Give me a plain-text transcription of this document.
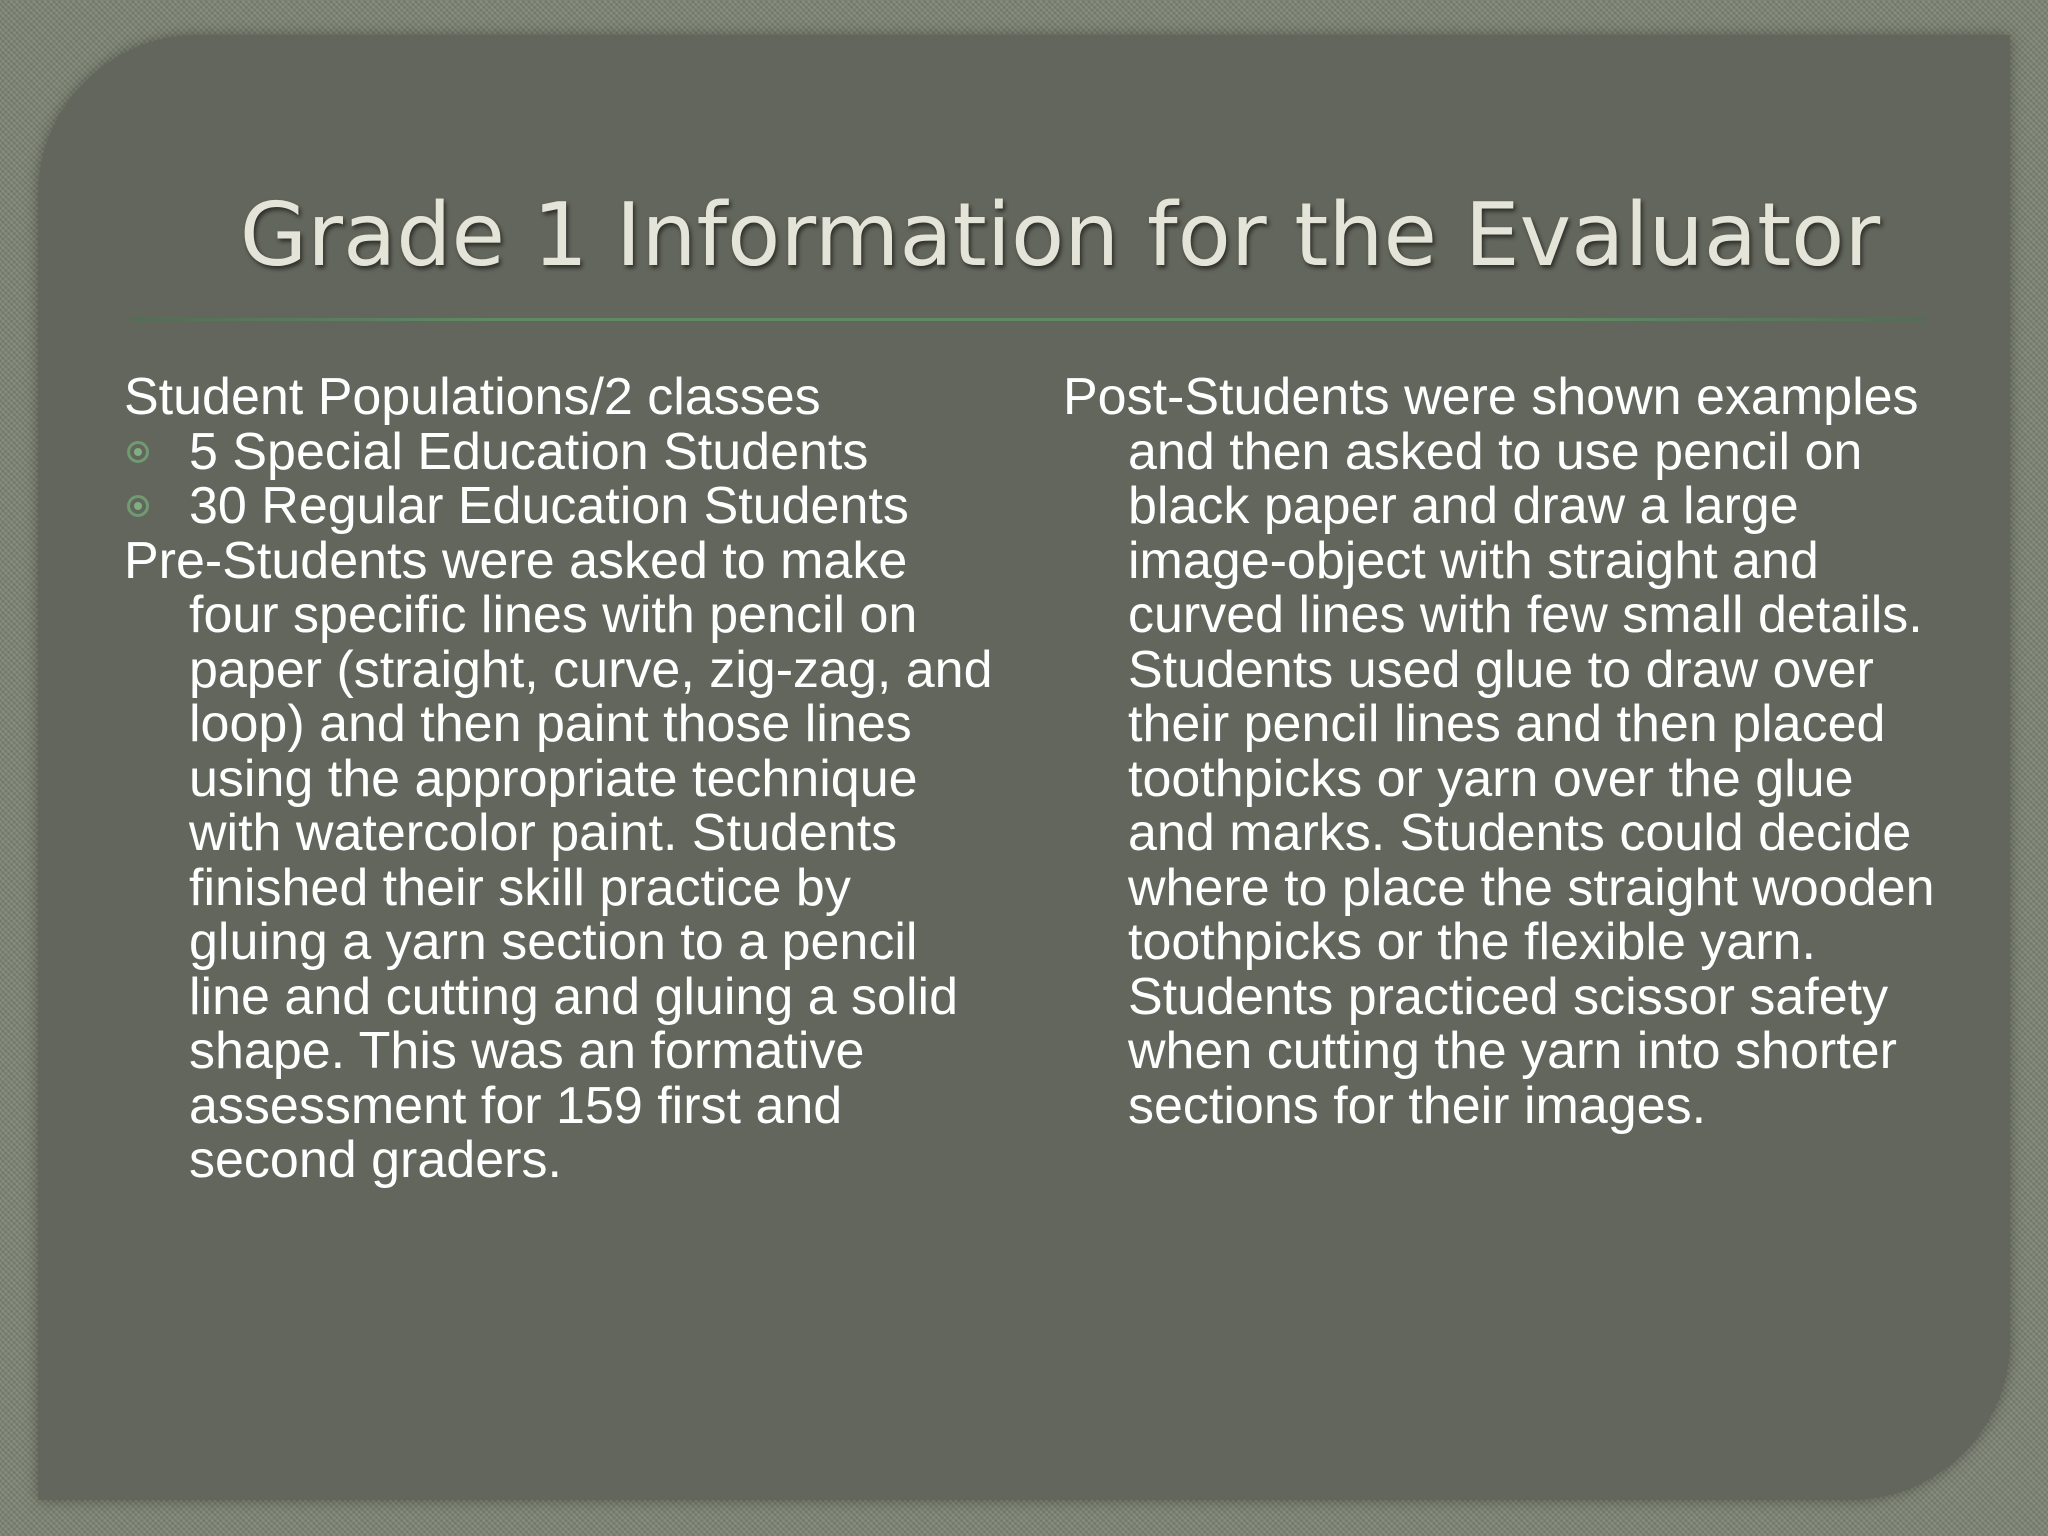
Grade 1 Information for the Evaluator

Student Populations/2 classes

5 Special Education Students

30 Regular Education Students

Pre-Students were asked to make four specific lines with pencil on paper (straight, curve, zig-zag, and loop) and then paint those lines using the appropriate technique with watercolor paint. Students finished their skill practice by gluing a yarn section to a pencil line and cutting and gluing a solid shape. This was an formative assessment for 159 first and second graders.

Post-Students were shown examples and then asked to use pencil on black paper and draw a large image-object with straight and curved lines with few small details. Students used glue to draw over their pencil lines and then placed toothpicks or yarn over the glue and marks. Students could decide where to place the straight wooden toothpicks or the flexible yarn. Students practiced scissor safety when cutting the yarn into shorter sections for their images.
